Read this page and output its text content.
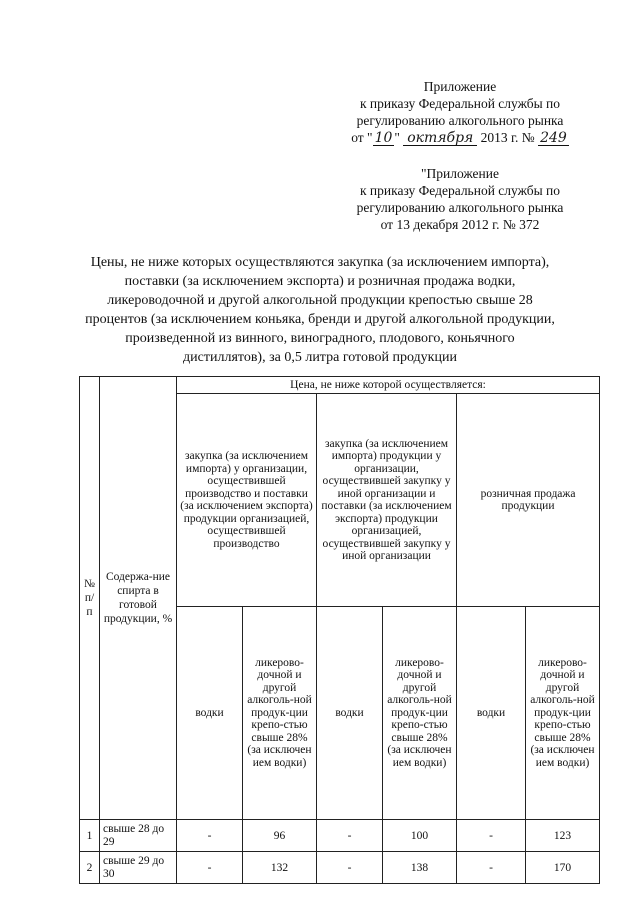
Приложение
к приказу Федеральной службы по
регулированию алкогольного рынка
от " 10 " октября 2013 г. № 249
"Приложение
к приказу Федеральной службы по
регулированию алкогольного рынка
от 13 декабря 2012 г. № 372
Цены, не ниже которых осуществляются закупка (за исключением импорта),
поставки (за исключением экспорта) и розничная продажа водки,
ликероводочной и другой алкогольной продукции крепостью свыше 28
процентов (за исключением коньяка, бренди и другой алкогольной продукции,
произведенной из винного, виноградного, плодового, коньячного
дистиллятов), за 0,5 литра готовой продукции
№ п/ п	Содержа-ние спирта в готовой продукции, %	Цена, не ниже которой осуществляется:					
		закупка (за исключением импорта) у организации, осуществившей производство и поставки (за исключением экспорта) продукции организацией, осуществившей производство		закупка (за исключением импорта) продукции у организации, осуществившей закупку у иной организации и поставки (за исключением экспорта) продукции организацией, осуществившей закупку у иной организации		розничная продажа продукции	
		водки	ликерово-дочной и другой алкоголь-ной продук-ции крепо-стью свыше 28% (за исключен ием водки)	водки	ликерово-дочной и другой алкоголь-ной продук-ции крепо-стью свыше 28% (за исключен ием водки)	водки	ликерово-дочной и другой алкоголь-ной продук-ции крепо-стью свыше 28% (за исключен ием водки)
1	свыше 28 до 29	-	96	-	100	-	123
2	свыше 29 до 30	-	132	-	138	-	170
